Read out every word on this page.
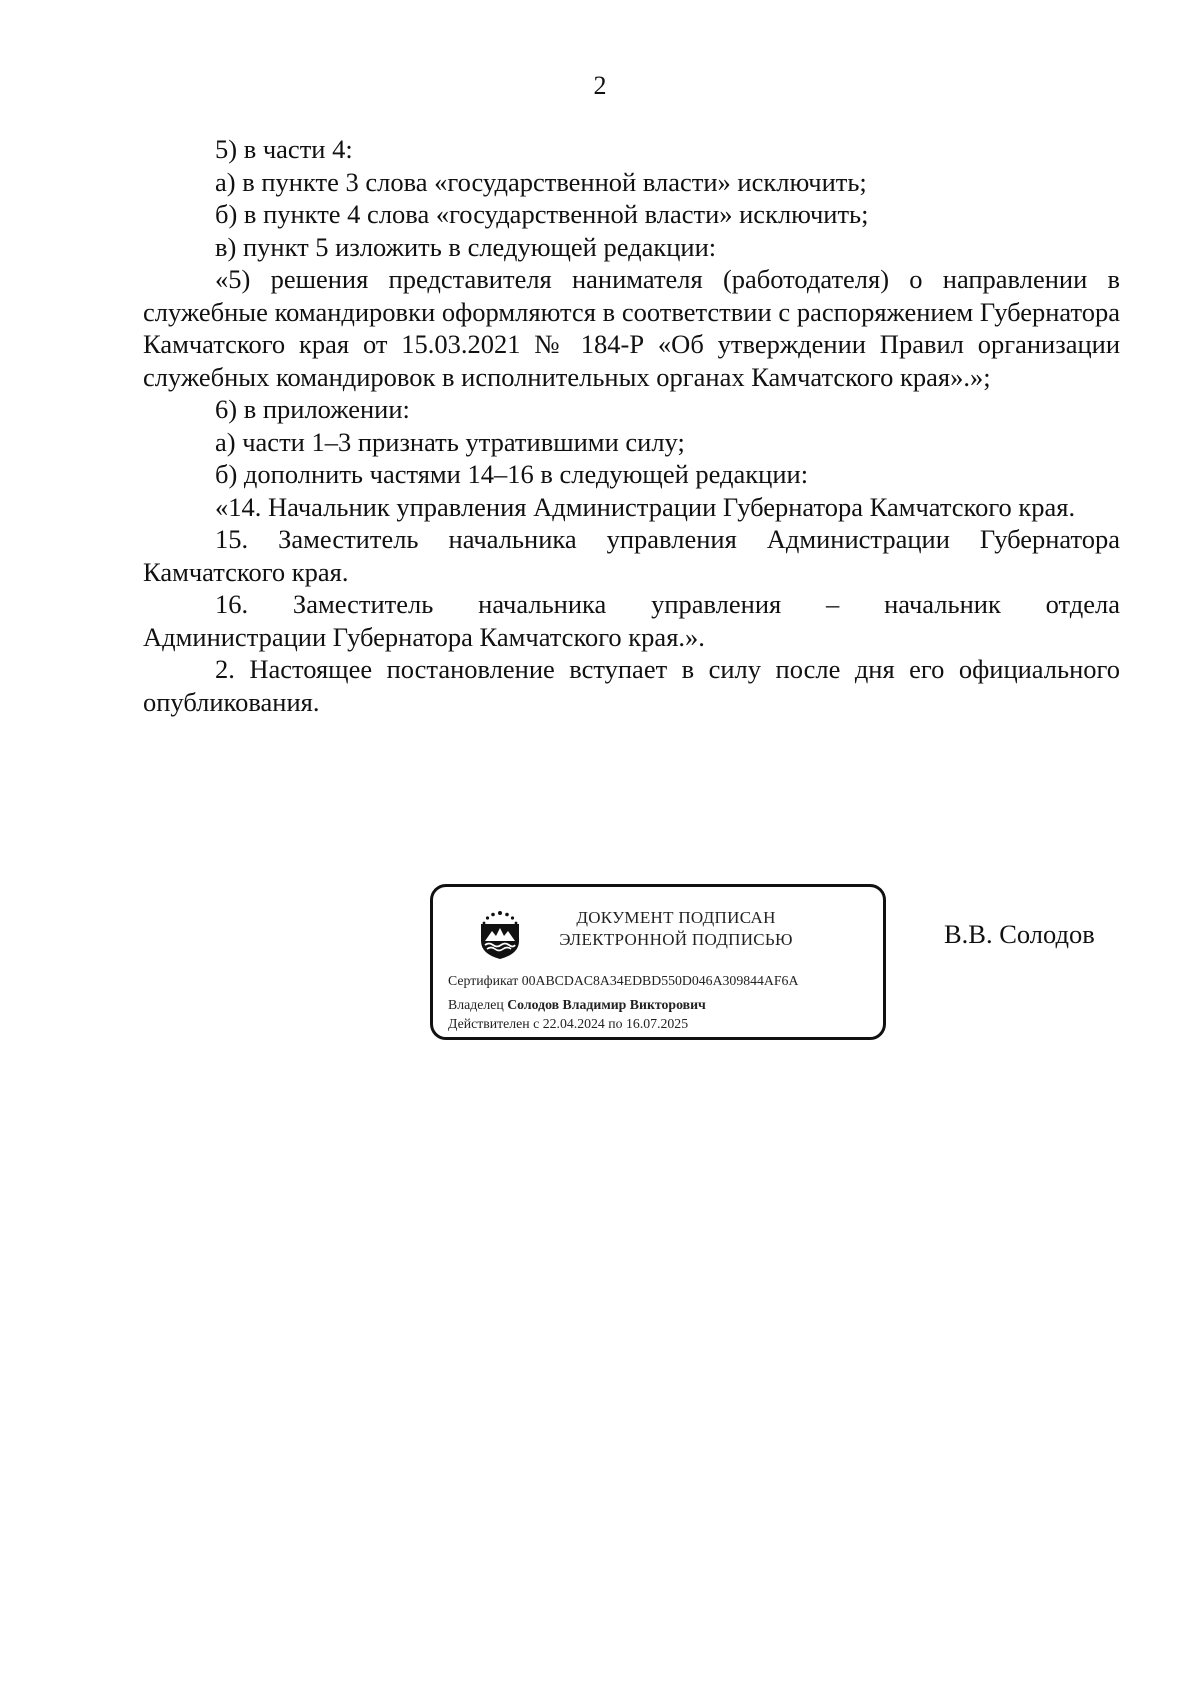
2

5) в части 4:

а) в пункте 3 слова «государственной власти» исключить;

б) в пункте 4 слова «государственной власти» исключить;

в) пункт 5 изложить в следующей редакции:

«5) решения представителя нанимателя (работодателя) о направлении в служебные командировки оформляются в соответствии с распоряжением Губернатора Камчатского края от 15.03.2021 № 184-Р «Об утверждении Правил организации служебных командировок в исполнительных органах Камчатского края».»;

6) в приложении:

а) части 1–3 признать утратившими силу;

б) дополнить частями 14–16 в следующей редакции:

«14. Начальник управления Администрации Губернатора Камчатского края.

15. Заместитель начальника управления Администрации Губернатора Камчатского края.

16. Заместитель начальника управления – начальник отдела

Администрации Губернатора Камчатского края.».

2. Настоящее постановление вступает в силу после дня его официального опубликования.

ДОКУМЕНТ ПОДПИСАН
ЭЛЕКТРОННОЙ ПОДПИСЬЮ
Сертификат 00ABCDAC8A34EDBD550D046A309844AF6A
Владелец Солодов Владимир Викторович
Действителен с 22.04.2024 по 16.07.2025
В.В. Солодов
